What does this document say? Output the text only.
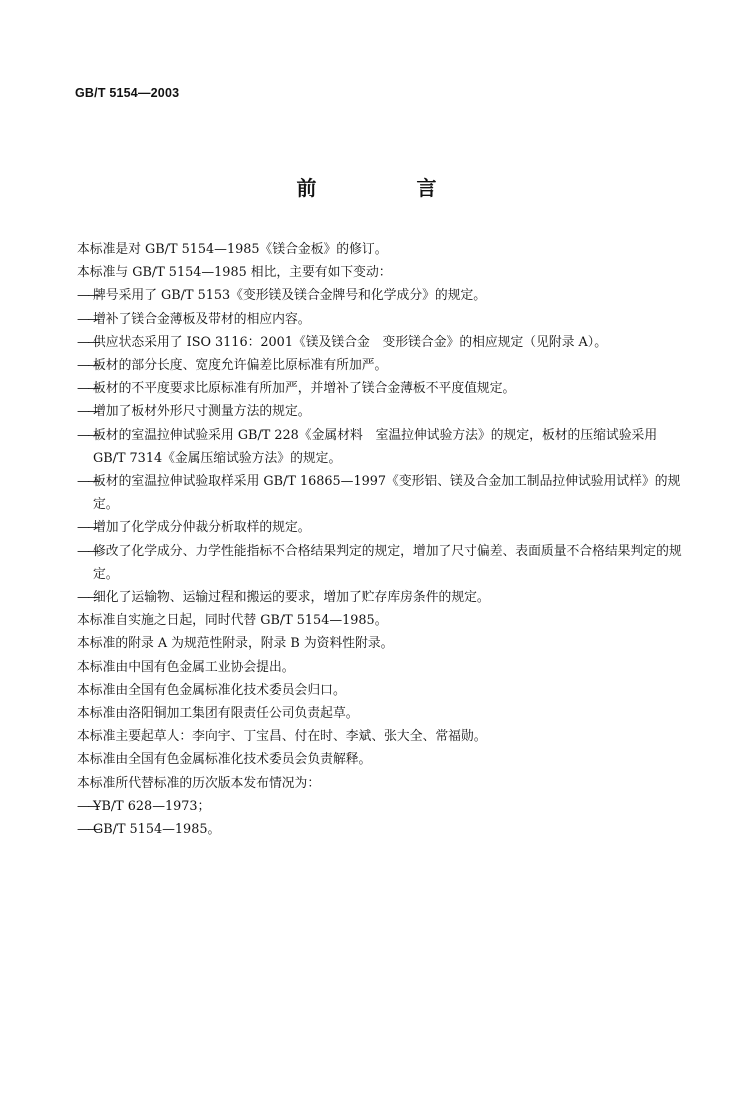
GB/T 5154—2003
前　言
本标准是对 GB/T 5154—1985《镁合金板》的修订。
本标准与 GB/T 5154—1985 相比，主要有如下变动：
——牌号采用了 GB/T 5153《变形镁及镁合金牌号和化学成分》的规定。
——增补了镁合金薄板及带材的相应内容。
——供应状态采用了 ISO 3116：2001《镁及镁合金　变形镁合金》的相应规定（见附录 A）。
——板材的部分长度、宽度允许偏差比原标准有所加严。
——板材的不平度要求比原标准有所加严，并增补了镁合金薄板不平度值规定。
——增加了板材外形尺寸测量方法的规定。
——板材的室温拉伸试验采用 GB/T 228《金属材料　室温拉伸试验方法》的规定，板材的压缩试验采用 GB/T 7314《金属压缩试验方法》的规定。
——板材的室温拉伸试验取样采用 GB/T 16865—1997《变形铝、镁及合金加工制品拉伸试验用试样》的规定。
——增加了化学成分仲裁分析取样的规定。
——修改了化学成分、力学性能指标不合格结果判定的规定，增加了尺寸偏差、表面质量不合格结果判定的规定。
——细化了运输物、运输过程和搬运的要求，增加了贮存库房条件的规定。
本标准自实施之日起，同时代替 GB/T 5154—1985。
本标准的附录 A 为规范性附录，附录 B 为资料性附录。
本标准由中国有色金属工业协会提出。
本标准由全国有色金属标准化技术委员会归口。
本标准由洛阳铜加工集团有限责任公司负责起草。
本标准主要起草人：李向宇、丁宝昌、付在时、李斌、张大全、常福勋。
本标准由全国有色金属标准化技术委员会负责解释。
本标准所代替标准的历次版本发布情况为：
——YB/T 628—1973；
——GB/T 5154—1985。
